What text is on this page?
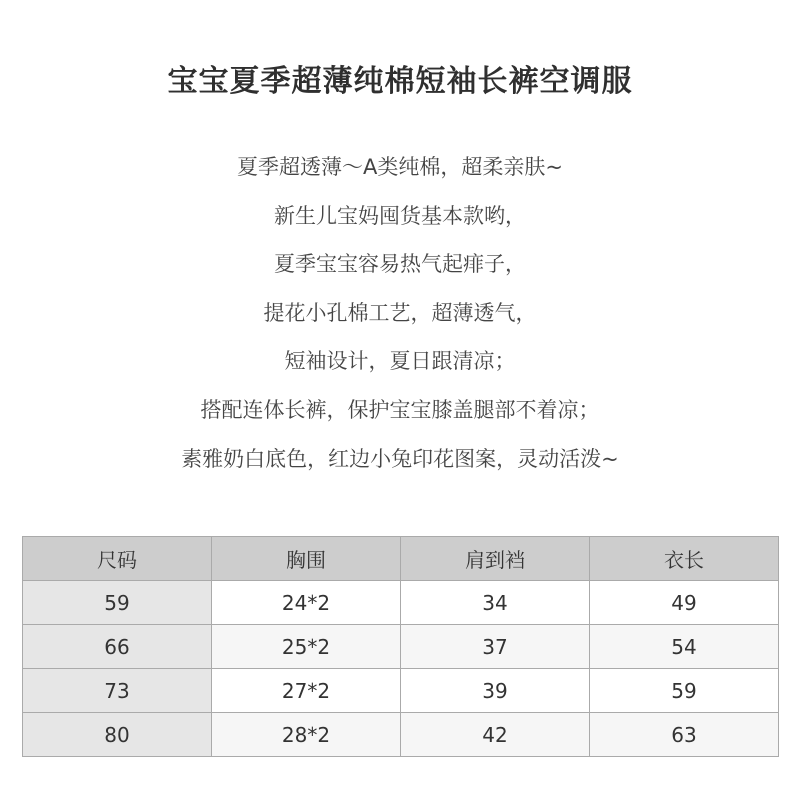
宝宝夏季超薄纯棉短袖长裤空调服
夏季超透薄～A类纯棉，超柔亲肤~
新生儿宝妈囤货基本款哟，
夏季宝宝容易热气起痱子，
提花小孔棉工艺，超薄透气，
短袖设计，夏日跟清凉；
搭配连体长裤，保护宝宝膝盖腿部不着凉；
素雅奶白底色，红边小兔印花图案，灵动活泼~
尺码	胸围	肩到裆	衣长
59	24*2	34	49
66	25*2	37	54
73	27*2	39	59
80	28*2	42	63
